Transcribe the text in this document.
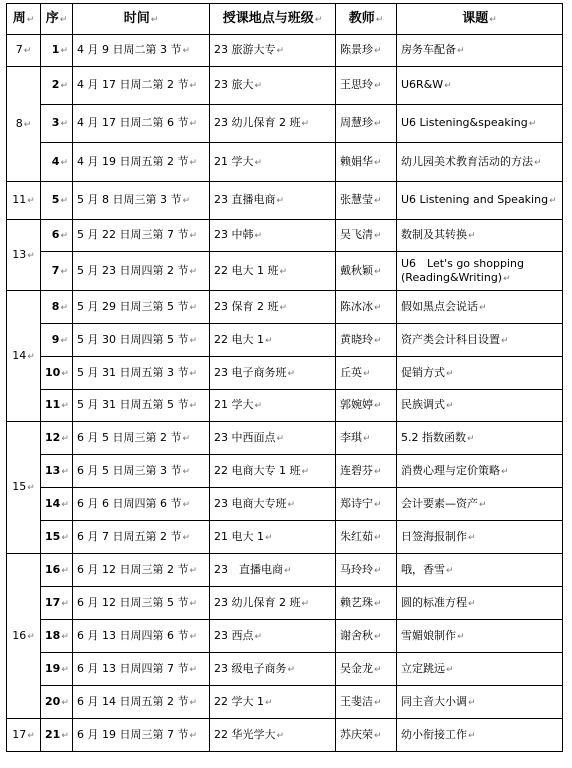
周↵	序↵	时间↵	授课地点与班级↵	教师↵	课题↵
7↵	1↵	4 月 9 日周二第 3 节↵	23 旅游大专↵	陈景珍↵	房务车配备↵
8↵	2↵	4 月 17 日周二第 2 节↵	23 旅大↵	王思玲↵	U6R&W↵
	3↵	4 月 17 日周二第 6 节↵	23 幼儿保育 2 班↵	周慧珍↵	U6 Listening&speaking↵
	4↵	4 月 19 日周五第 2 节↵	21 学大↵	赖娟华↵	幼儿园美术教育活动的方法↵
11↵	5↵	5 月 8 日周三第 3 节↵	23 直播电商↵	张慧莹↵	U6 Listening and Speaking↵
13↵	6↵	5 月 22 日周三第 7 节↵	23 中韩↵	吴飞清↵	数制及其转换↵
	7↵	5 月 23 日周四第 2 节↵	22 电大 1 班↵	戴秋颖↵	U6　Let's go shopping (Reading&Writing)↵
14↵	8↵	5 月 29 日周三第 5 节↵	23 保育 2 班↵	陈冰冰↵	假如黑点会说话↵
	9↵	5 月 30 日周四第 5 节↵	22 电大 1↵	黄晓玲↵	资产类会计科目设置↵
	10↵	5 月 31 日周五第 3 节↵	23 电子商务班↵	丘英↵	促销方式↵
	11↵	5 月 31 日周五第 5 节↵	21 学大↵	郭婉婷↵	民族调式↵
15↵	12↵	6 月 5 日周三第 2 节↵	23 中西面点↵	李琪↵	5.2 指数函数↵
	13↵	6 月 5 日周三第 3 节↵	22 电商大专 1 班↵	连碧芬↵	消费心理与定价策略↵
	14↵	6 月 6 日周四第 6 节↵	23 电商大专班↵	郑诗宁↵	会计要素—资产↵
	15↵	6 月 7 日周五第 2 节↵	21 电大 1↵	朱红茹↵	日签海报制作↵
16↵	16↵	6 月 12 日周三第 2 节↵	23　直播电商↵	马玲玲↵	哦，香雪↵
	17↵	6 月 12 日周三第 5 节↵	23 幼儿保育 2 班↵	赖艺珠↵	圆的标准方程↵
	18↵	6 月 13 日周四第 6 节↵	23 西点↵	谢舍秋↵	雪媚娘制作↵
	19↵	6 月 13 日周四第 7 节↵	23 级电子商务↵	吴金龙↵	立定跳远↵
	20↵	6 月 14 日周五第 2 节↵	22 学大 1↵	王斐洁↵	同主音大小调↵
17↵	21↵	6 月 19 日周三第 7 节↵	22 华光学大↵	苏庆荣↵	幼小衔接工作↵
